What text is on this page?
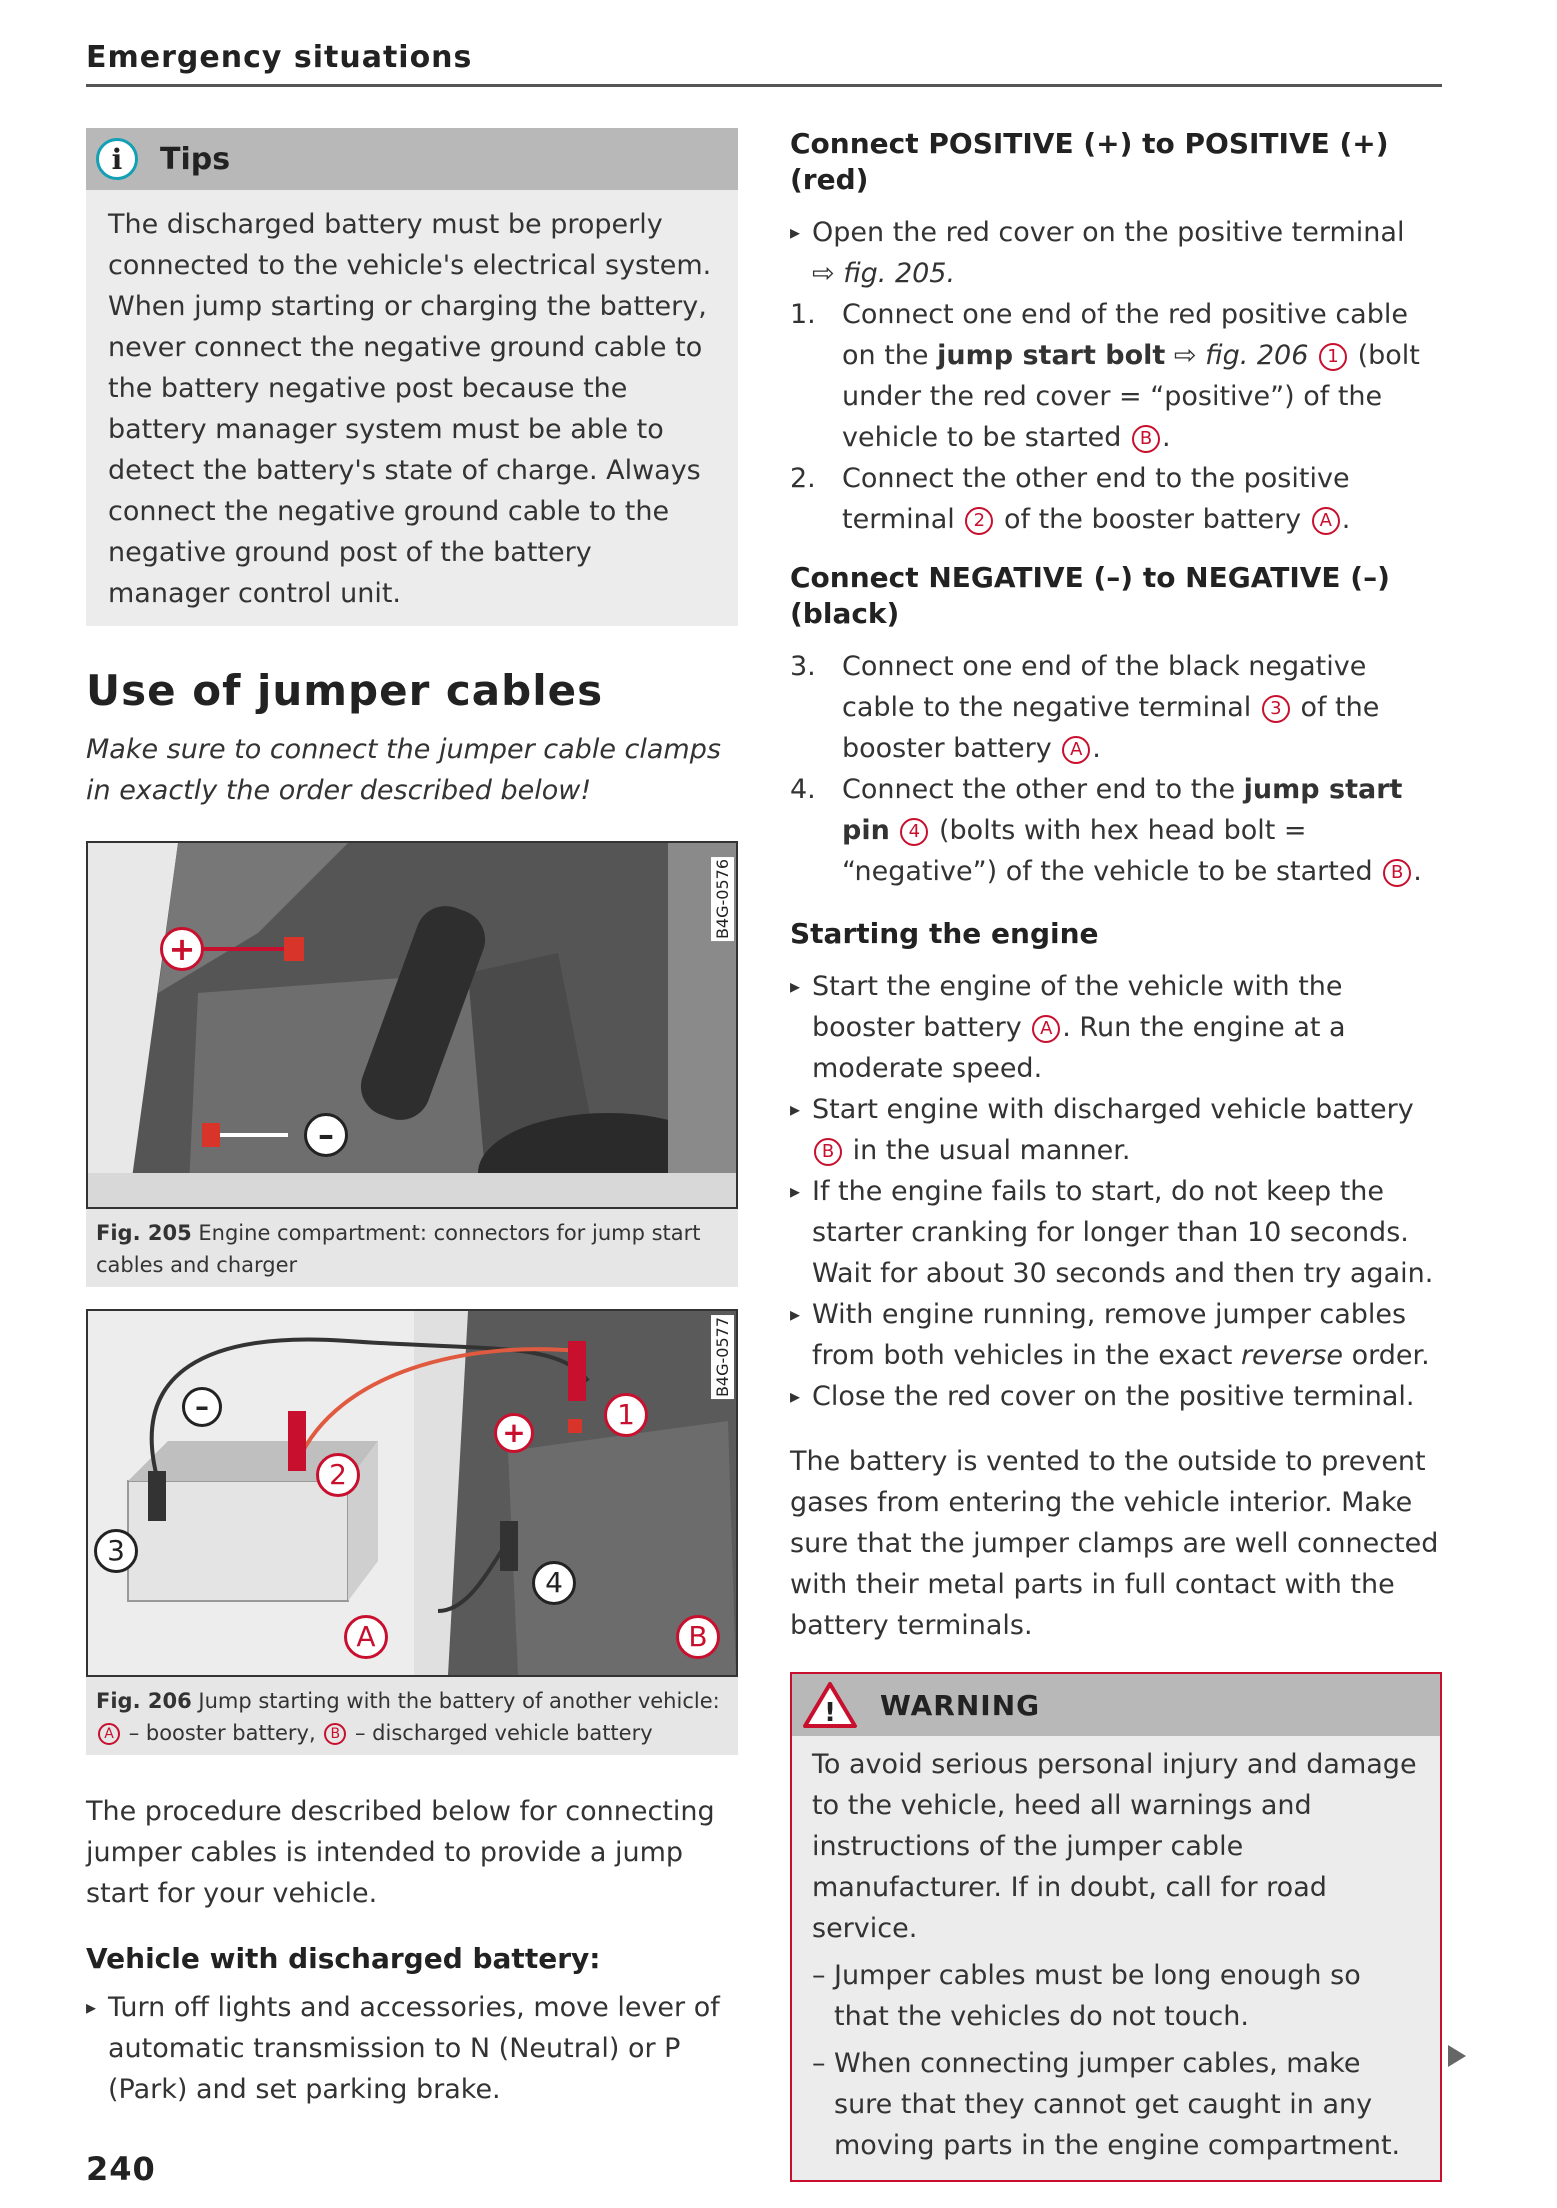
Emergency situations
i	Tips
The discharged battery must be properly connected to the vehicle's electrical system. When jump starting or charging the battery, never connect the negative ground cable to the battery negative post because the battery manager system must be able to detect the battery's state of charge. Always connect the negative ground cable to the negative ground post of the battery manager control unit.
Use of jumper cables
Make sure to connect the jumper cable clamps in exactly the order described below!
+
–
B4G-0576
Fig. 205 Engine compartment: connectors for jump start cables and charger
–
+
1
2
3
4
A	B
B4G-0577
Fig. 206 Jump starting with the battery of another vehicle:
A – booster battery, B – discharged vehicle battery
The procedure described below for connecting jumper cables is intended to provide a jump start for your vehicle.
Vehicle with discharged battery:
▸ Turn off lights and accessories, move lever of automatic transmission to N (Neutral) or P (Park) and set parking brake.
Connect POSITIVE (+) to POSITIVE (+) (red)
▸ Open the red cover on the positive terminal
⇨ fig. 205.
1. Connect one end of the red positive cable on the jump start bolt ⇨ fig. 206 1 (bolt under the red cover = “positive”) of the vehicle to be started B .
2. Connect the other end to the positive terminal 2 of the booster battery A .
Connect NEGATIVE (–) to NEGATIVE (–) (black)
3. Connect one end of the black negative cable to the negative terminal 3 of the booster battery A .
4. Connect the other end to the jump start pin 4 (bolts with hex head bolt = “negative”) of the vehicle to be started B .
Starting the engine
▸ Start the engine of the vehicle with the booster battery A . Run the engine at a moderate speed.
▸ Start engine with discharged vehicle battery B in the usual manner.
▸ If the engine fails to start, do not keep the starter cranking for longer than 10 seconds. Wait for about 30 seconds and then try again.
▸ With engine running, remove jumper cables from both vehicles in the exact reverse order.
▸ Close the red cover on the positive terminal.
The battery is vented to the outside to prevent gases from entering the vehicle interior. Make sure that the jumper clamps are well connected with their metal parts in full contact with the battery terminals.
! WARNING
To avoid serious personal injury and damage to the vehicle, heed all warnings and instructions of the jumper cable manufacturer. If in doubt, call for road service.
– Jumper cables must be long enough so that the vehicles do not touch.
– When connecting jumper cables, make sure that they cannot get caught in any moving parts in the engine compartment.
240
